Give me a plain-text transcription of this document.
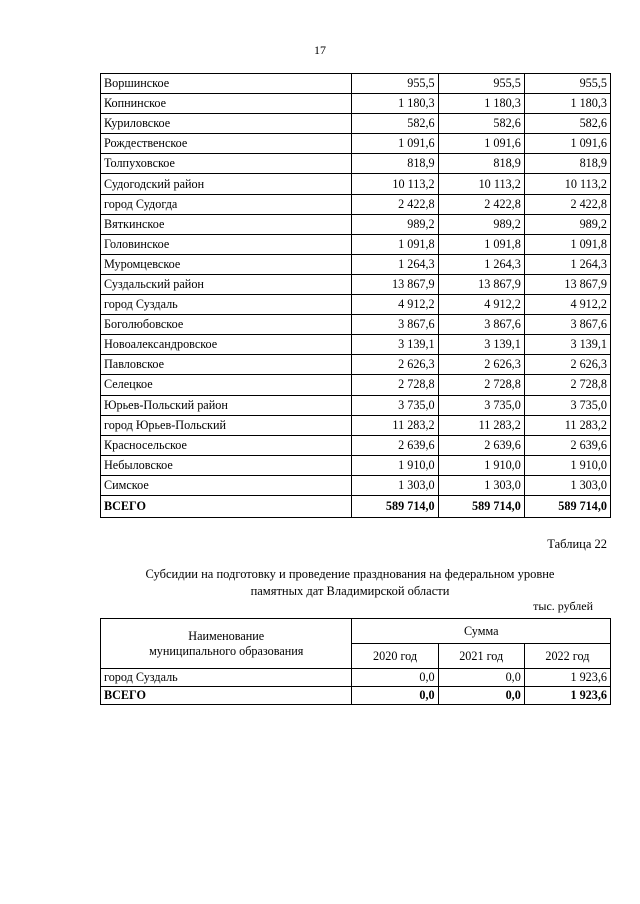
17
Воршинское	955,5	955,5	955,5
Копнинское	1 180,3	1 180,3	1 180,3
Куриловское	582,6	582,6	582,6
Рождественское	1 091,6	1 091,6	1 091,6
Толпуховское	818,9	818,9	818,9
Судогодский район	10 113,2	10 113,2	10 113,2
город Судогда	2 422,8	2 422,8	2 422,8
Вяткинское	989,2	989,2	989,2
Головинское	1 091,8	1 091,8	1 091,8
Муромцевское	1 264,3	1 264,3	1 264,3
Суздальский район	13 867,9	13 867,9	13 867,9
город Суздаль	4 912,2	4 912,2	4 912,2
Боголюбовское	3 867,6	3 867,6	3 867,6
Новоалександровское	3 139,1	3 139,1	3 139,1
Павловское	2 626,3	2 626,3	2 626,3
Селецкое	2 728,8	2 728,8	2 728,8
Юрьев-Польский район	3 735,0	3 735,0	3 735,0
город Юрьев-Польский	11 283,2	11 283,2	11 283,2
Красносельское	2 639,6	2 639,6	2 639,6
Небыловское	1 910,0	1 910,0	1 910,0
Симское	1 303,0	1 303,0	1 303,0
ВСЕГО	589 714,0	589 714,0	589 714,0
Таблица 22
Субсидии на подготовку и проведение празднования на федеральном уровне
памятных дат Владимирской области
тыс. рублей
Наименование
муниципального образования	Сумма		
	2020 год	2021 год	2022 год
город Суздаль	0,0	0,0	1 923,6
ВСЕГО	0,0	0,0	1 923,6
